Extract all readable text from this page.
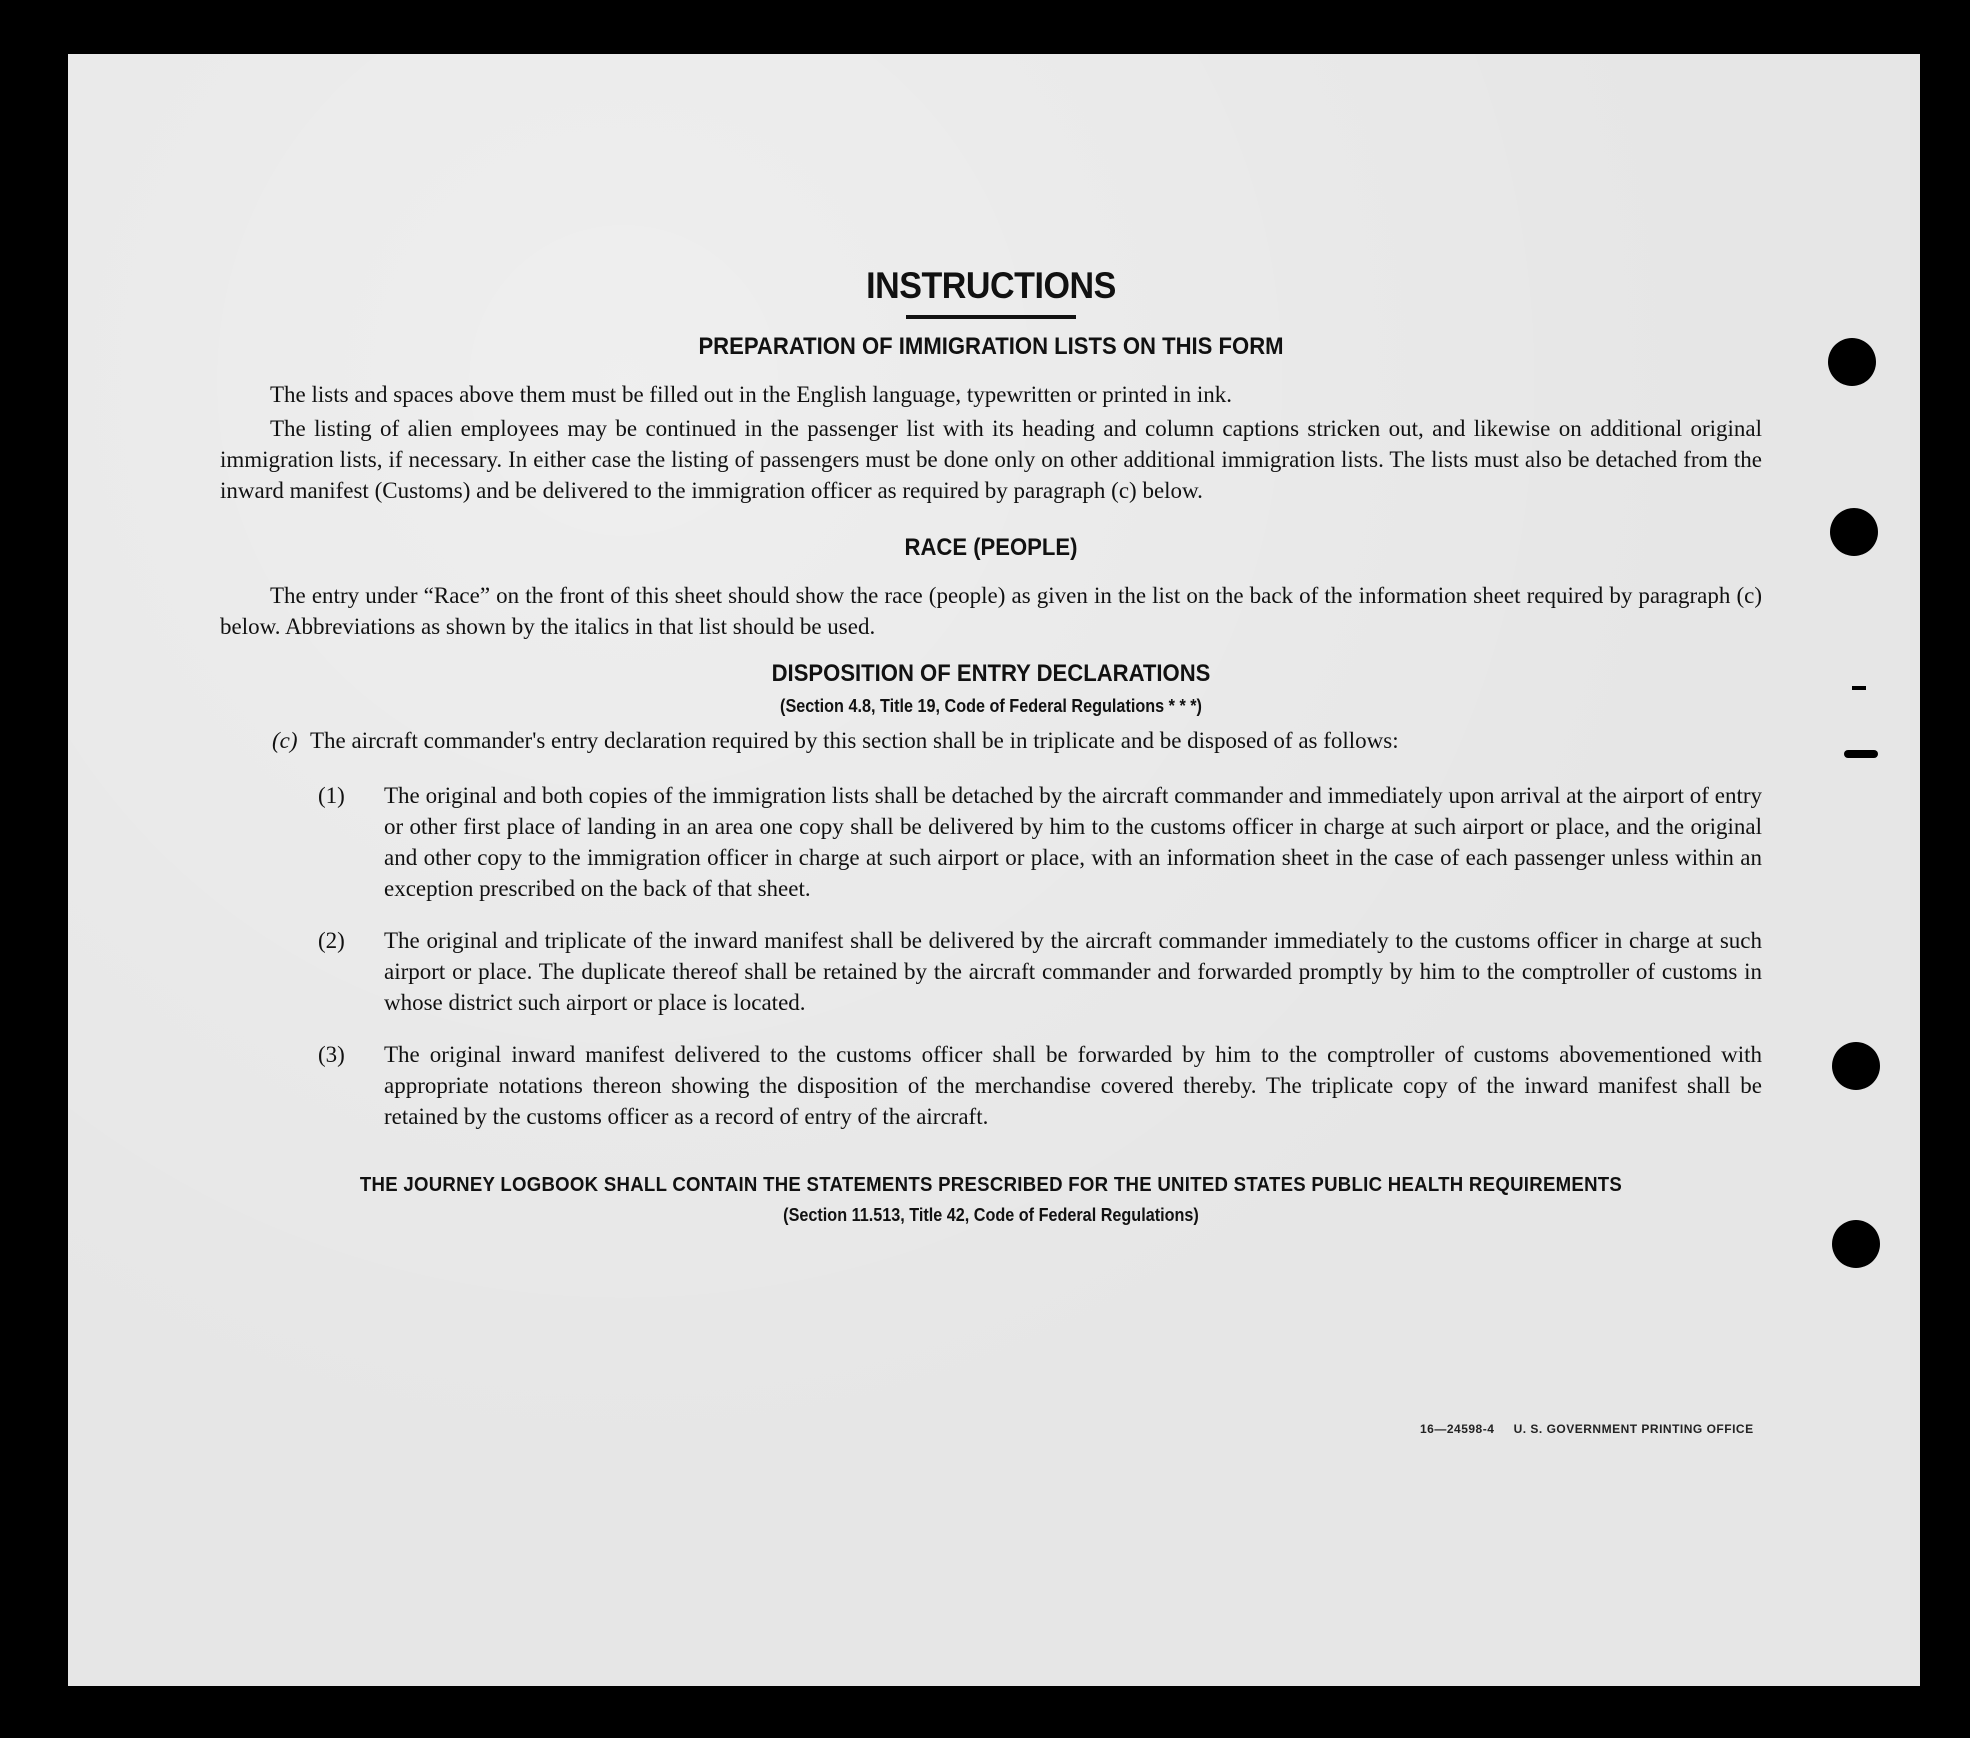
INSTRUCTIONS
PREPARATION OF IMMIGRATION LISTS ON THIS FORM

The lists and spaces above them must be filled out in the English language, typewritten or printed in ink.

The listing of alien employees may be continued in the passenger list with its heading and column captions stricken out, and likewise on additional original immigration lists, if necessary. In either case the listing of passengers must be done only on other additional immigration lists. The lists must also be detached from the inward manifest (Customs) and be delivered to the immigration officer as required by paragraph (c) below.

RACE (PEOPLE)

The entry under “Race” on the front of this sheet should show the race (people) as given in the list on the back of the information sheet required by paragraph (c) below. Abbreviations as shown by the italics in that list should be used.

DISPOSITION OF ENTRY DECLARATIONS
(Section 4.8, Title 19, Code of Federal Regulations * * *)
(c) The aircraft commander's entry declaration required by this section shall be in triplicate and be disposed of as follows:
(1) The original and both copies of the immigration lists shall be detached by the aircraft commander and immediately upon arrival at the airport of entry or other first place of landing in an area one copy shall be delivered by him to the customs officer in charge at such airport or place, and the original and other copy to the immigration officer in charge at such airport or place, with an information sheet in the case of each passenger unless within an exception prescribed on the back of that sheet.
(2) The original and triplicate of the inward manifest shall be delivered by the aircraft commander immediately to the customs officer in charge at such airport or place. The duplicate thereof shall be retained by the aircraft commander and forwarded promptly by him to the comptroller of customs in whose district such airport or place is located.
(3) The original inward manifest delivered to the customs officer shall be forwarded by him to the comptroller of customs abovementioned with appropriate notations thereon showing the disposition of the merchandise covered thereby. The triplicate copy of the inward manifest shall be retained by the customs officer as a record of entry of the aircraft.
THE JOURNEY LOGBOOK SHALL CONTAIN THE STATEMENTS PRESCRIBED FOR THE UNITED STATES PUBLIC HEALTH REQUIREMENTS
(Section 11.513, Title 42, Code of Federal Regulations)
16—24598-4 U. S. GOVERNMENT PRINTING OFFICE
